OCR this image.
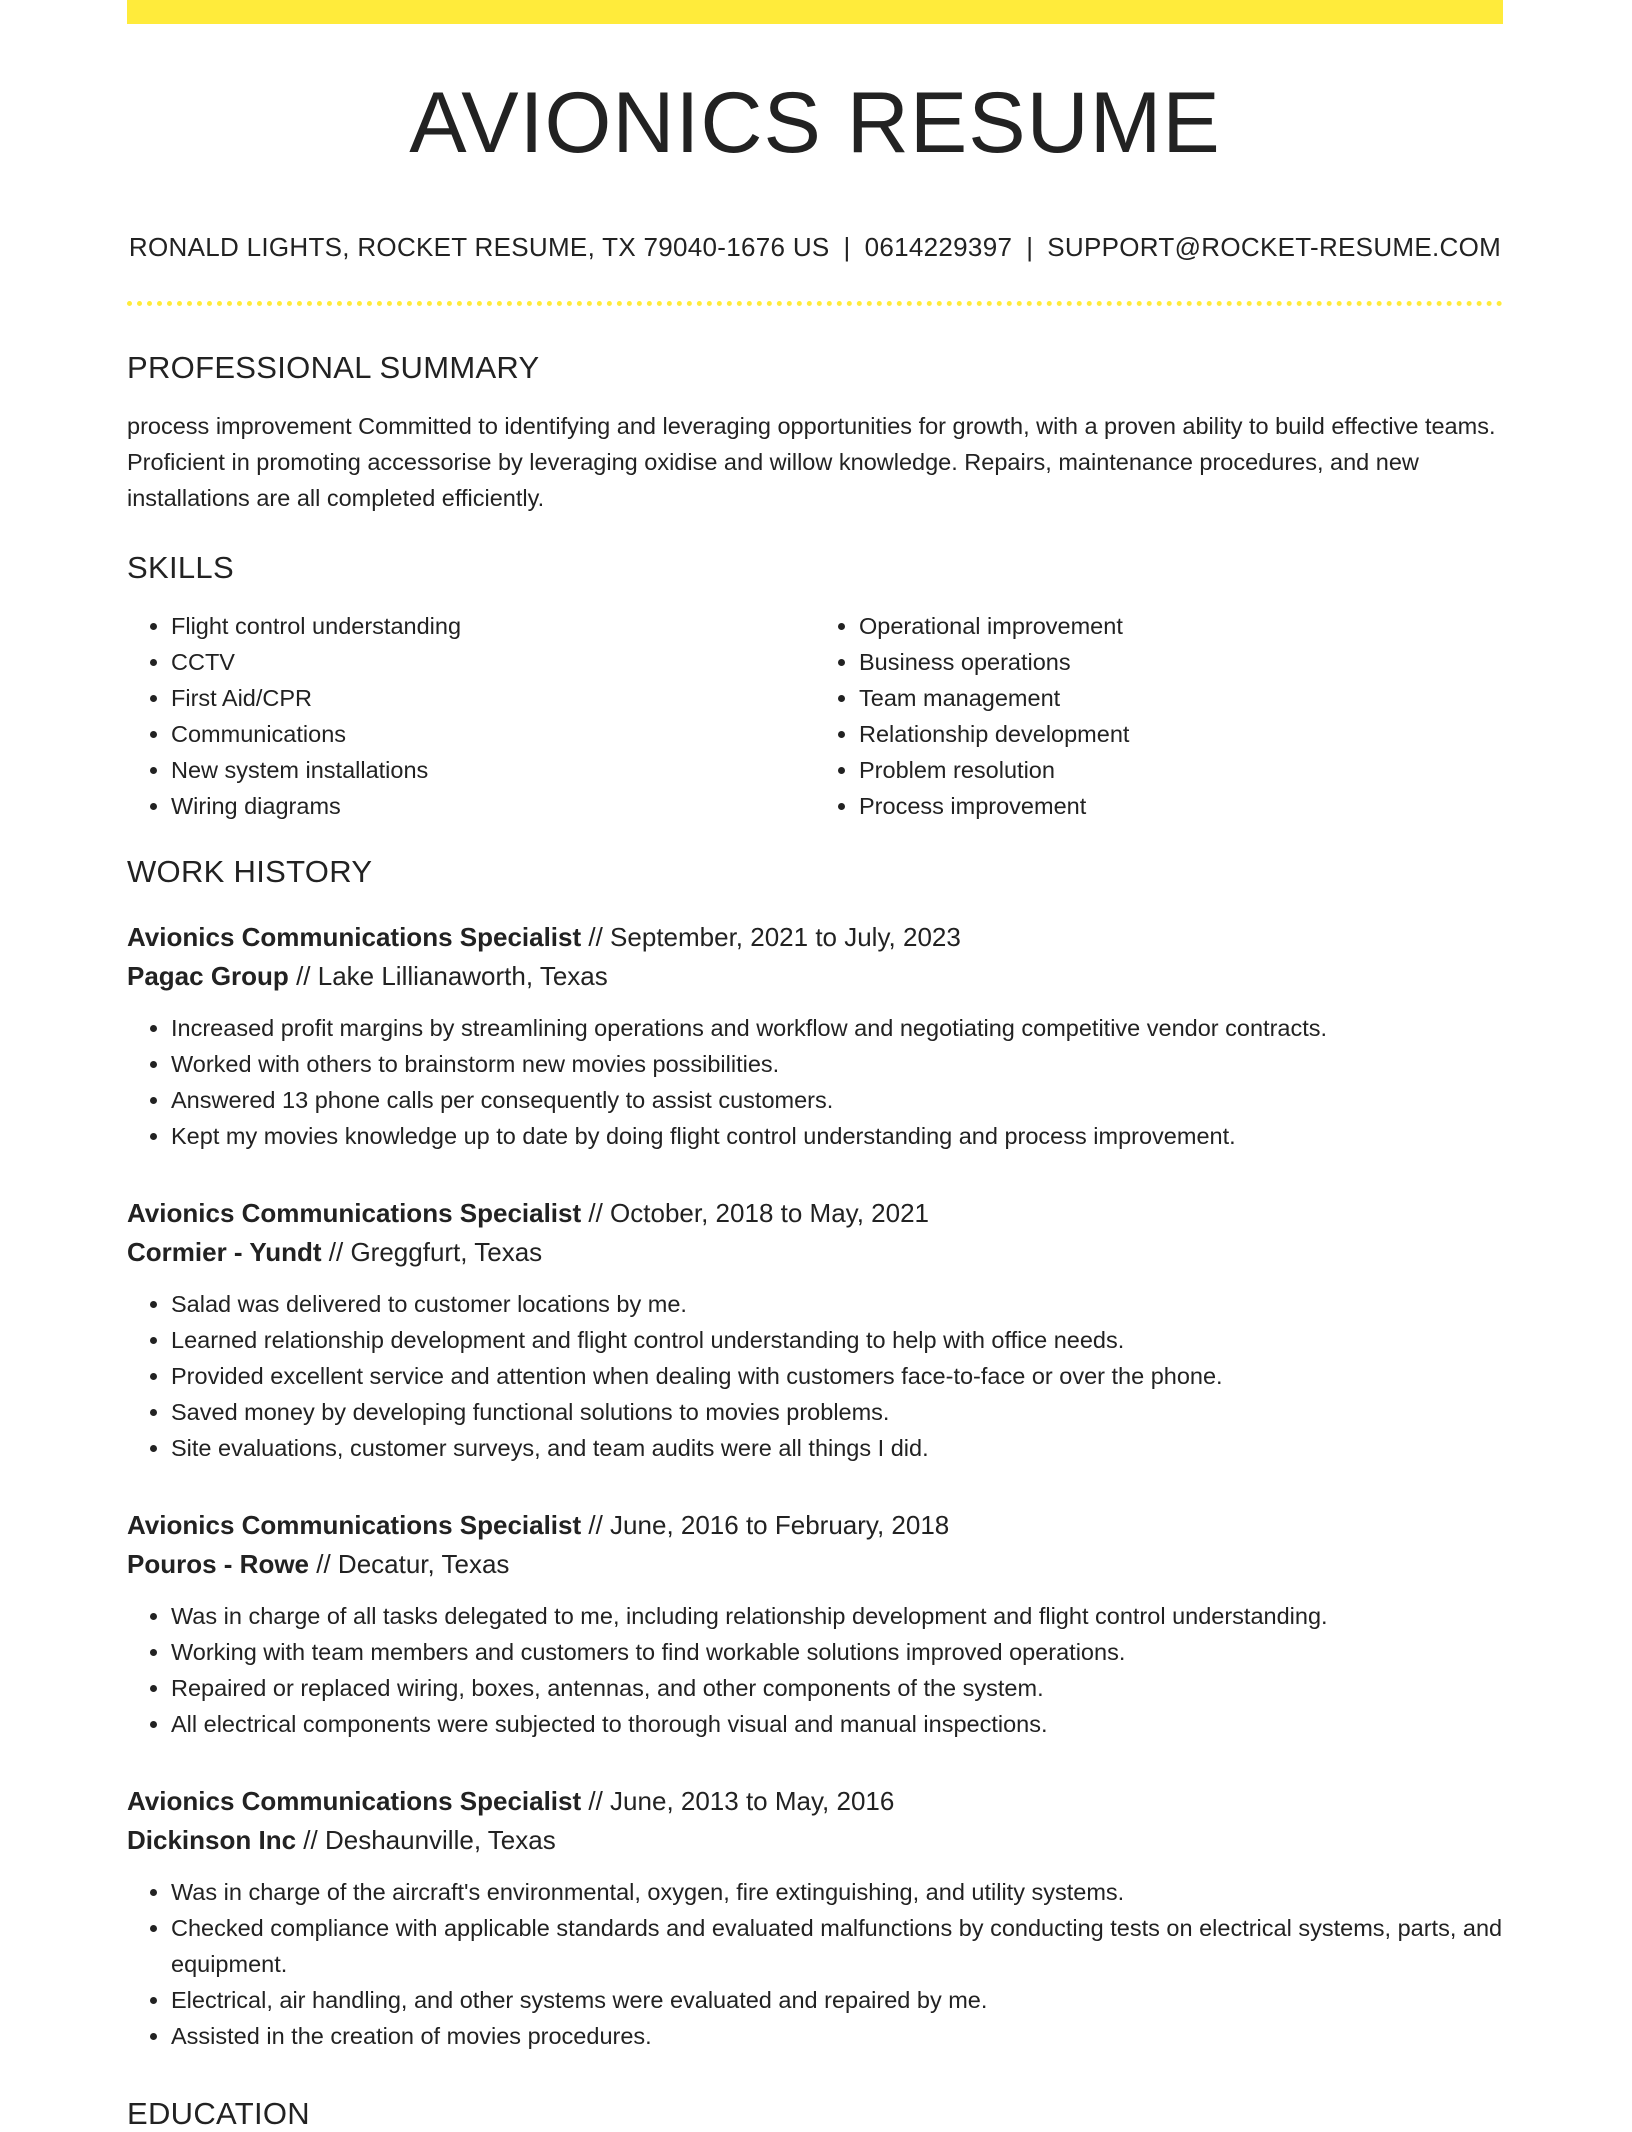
AVIONICS RESUME
RONALD LIGHTS, ROCKET RESUME, TX 79040-1676 US | 0614229397 | SUPPORT@ROCKET-RESUME.COM
PROFESSIONAL SUMMARY

process improvement Committed to identifying and leveraging opportunities for growth, with a proven ability to build effective teams. Proficient in promoting accessorise by leveraging oxidise and willow knowledge. Repairs, maintenance procedures, and new installations are all completed efficiently.

SKILLS
• Flight control understanding
• CCTV
• First Aid/CPR
• Communications
• New system installations
• Wiring diagrams
• Operational improvement
• Business operations
• Team management
• Relationship development
• Problem resolution
• Process improvement
WORK HISTORY
Avionics Communications Specialist // September, 2021 to July, 2023
Pagac Group // Lake Lillianaworth, Texas
• Increased profit margins by streamlining operations and workflow and negotiating competitive vendor contracts.
• Worked with others to brainstorm new movies possibilities.
• Answered 13 phone calls per consequently to assist customers.
• Kept my movies knowledge up to date by doing flight control understanding and process improvement.
Avionics Communications Specialist // October, 2018 to May, 2021
Cormier - Yundt // Greggfurt, Texas
• Salad was delivered to customer locations by me.
• Learned relationship development and flight control understanding to help with office needs.
• Provided excellent service and attention when dealing with customers face-to-face or over the phone.
• Saved money by developing functional solutions to movies problems.
• Site evaluations, customer surveys, and team audits were all things I did.
Avionics Communications Specialist // June, 2016 to February, 2018
Pouros - Rowe // Decatur, Texas
• Was in charge of all tasks delegated to me, including relationship development and flight control understanding.
• Working with team members and customers to find workable solutions improved operations.
• Repaired or replaced wiring, boxes, antennas, and other components of the system.
• All electrical components were subjected to thorough visual and manual inspections.
Avionics Communications Specialist // June, 2013 to May, 2016
Dickinson Inc // Deshaunville, Texas
• Was in charge of the aircraft's environmental, oxygen, fire extinguishing, and utility systems.
• Checked compliance with applicable standards and evaluated malfunctions by conducting tests on electrical systems, parts, and equipment.
• Electrical, air handling, and other systems were evaluated and repaired by me.
• Assisted in the creation of movies procedures.
EDUCATION
